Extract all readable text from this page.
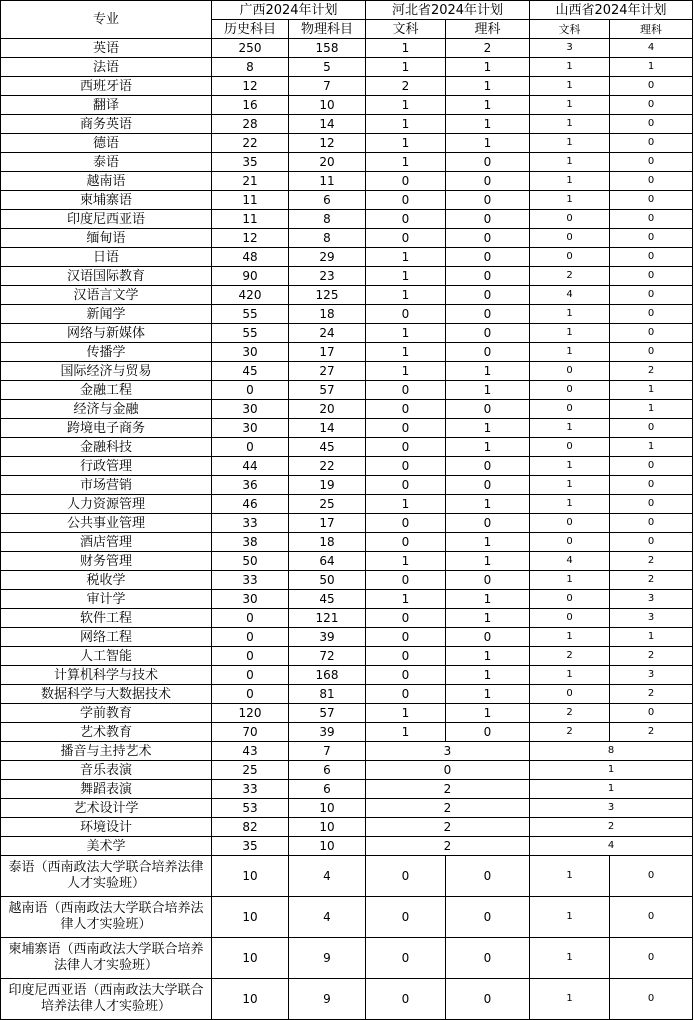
专业	广西2024年计划		河北省2024年计划		山西省2024年计划	
	历史科目	物理科目	文科	理科	文科	理科
英语	250	158	1	2	3	4
法语	8	5	1	1	1	1
西班牙语	12	7	2	1	1	0
翻译	16	10	1	1	1	0
商务英语	28	14	1	1	1	0
德语	22	12	1	1	1	0
泰语	35	20	1	0	1	0
越南语	21	11	0	0	1	0
柬埔寨语	11	6	0	0	1	0
印度尼西亚语	11	8	0	0	0	0
缅甸语	12	8	0	0	0	0
日语	48	29	1	0	0	0
汉语国际教育	90	23	1	0	2	0
汉语言文学	420	125	1	0	4	0
新闻学	55	18	0	0	1	0
网络与新媒体	55	24	1	0	1	0
传播学	30	17	1	0	1	0
国际经济与贸易	45	27	1	1	0	2
金融工程	0	57	0	1	0	1
经济与金融	30	20	0	0	0	1
跨境电子商务	30	14	0	1	1	0
金融科技	0	45	0	1	0	1
行政管理	44	22	0	0	1	0
市场营销	36	19	0	0	1	0
人力资源管理	46	25	1	1	1	0
公共事业管理	33	17	0	0	0	0
酒店管理	38	18	0	1	0	0
财务管理	50	64	1	1	4	2
税收学	33	50	0	0	1	2
审计学	30	45	1	1	0	3
软件工程	0	121	0	1	0	3
网络工程	0	39	0	0	1	1
人工智能	0	72	0	1	2	2
计算机科学与技术	0	168	0	1	1	3
数据科学与大数据技术	0	81	0	1	0	2
学前教育	120	57	1	1	2	0
艺术教育	70	39	1	0	2	2
播音与主持艺术	43	7	3		8	
音乐表演	25	6	0		1	
舞蹈表演	33	6	2		1	
艺术设计学	53	10	2		3	
环境设计	82	10	2		2	
美术学	35	10	2		4	
泰语（西南政法大学联合培养法律人才实验班）	10	4	0	0	1	0
越南语（西南政法大学联合培养法律人才实验班）	10	4	0	0	1	0
柬埔寨语（西南政法大学联合培养法律人才实验班）	10	9	0	0	1	0
印度尼西亚语（西南政法大学联合培养法律人才实验班）	10	9	0	0	1	0
